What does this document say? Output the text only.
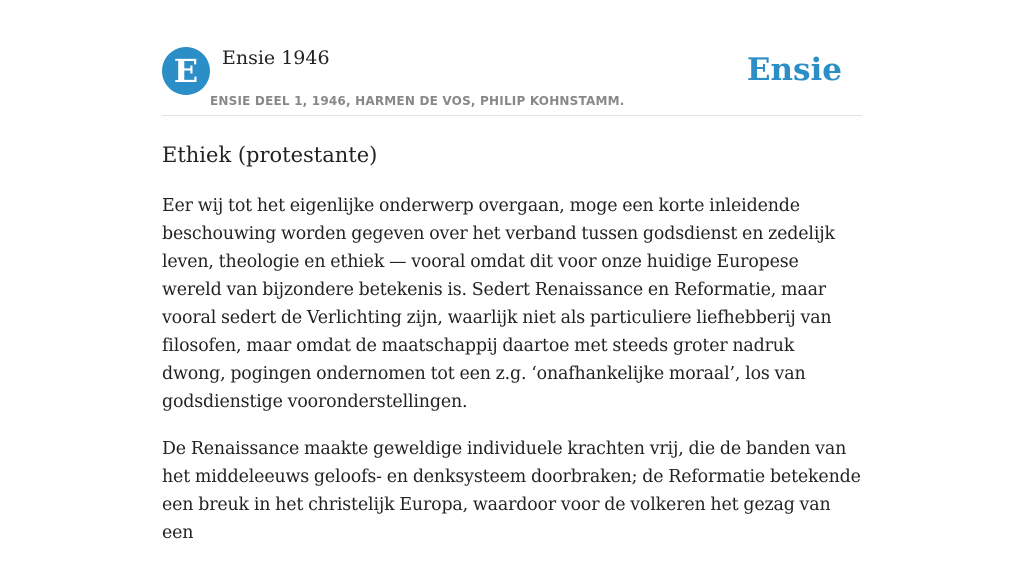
E	Ensie 1946
ENSIE DEEL 1, 1946, HARMEN DE VOS, PHILIP KOHNSTAMM.
Ensie
Ethiek (protestante)

Eer wij tot het eigenlijke onderwerp overgaan, moge een korte inleidende beschouwing worden gegeven over het verband tussen godsdienst en zedelijk leven, theologie en ethiek — vooral omdat dit voor onze huidige Europese wereld van bijzondere betekenis is. Sedert Renaissance en Reformatie, maar vooral sedert de Verlichting zijn, waarlijk niet als particuliere liefhebberij van filosofen, maar omdat de maatschappij daartoe met steeds groter nadruk dwong, pogingen ondernomen tot een z.g. ‘onafhankelijke moraal’, los van godsdienstige vooronderstellingen.

De Renaissance maakte geweldige individuele krachten vrij, die de banden van het middeleeuws geloofs- en denksysteem doorbraken; de Reformatie betekende een breuk in het christelijk Europa, waardoor voor de volkeren het gezag van een
